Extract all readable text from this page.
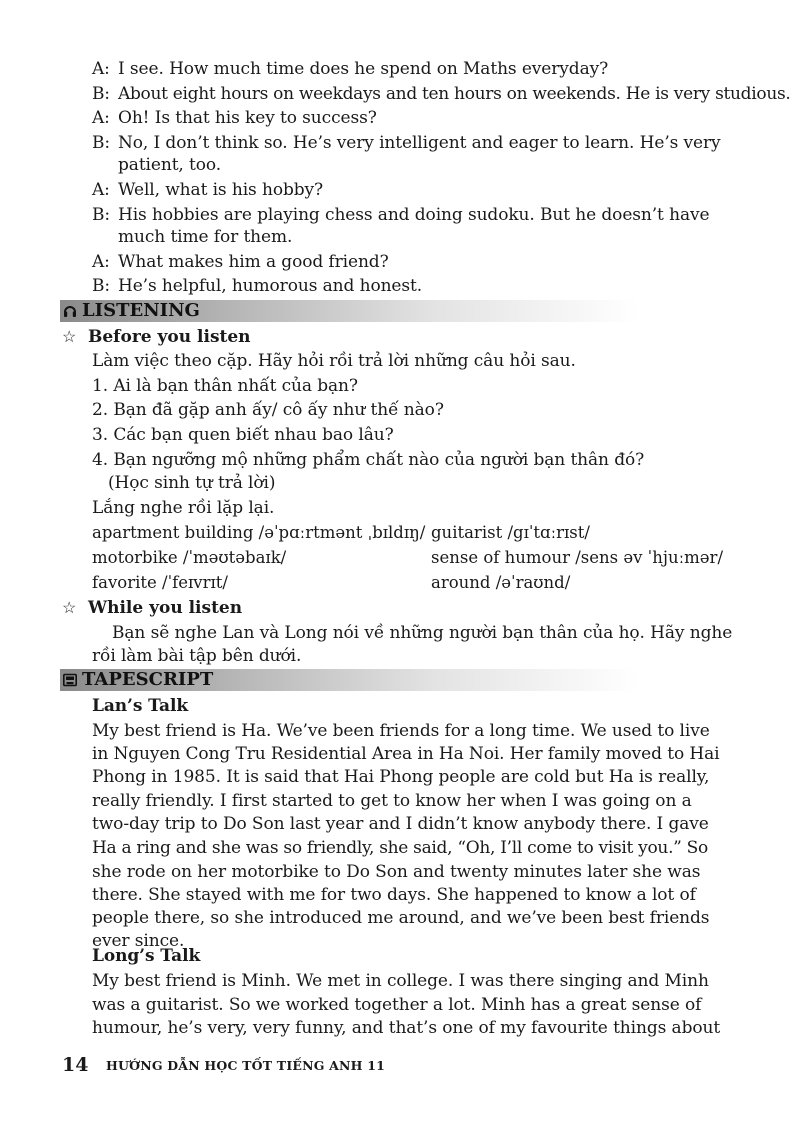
A: I see. How much time does he spend on Maths everyday?
B: About eight hours on weekdays and ten hours on weekends. He is very studious.
A: Oh! Is that his key to success?
B: No, I don’t think so. He’s very intelligent and eager to learn. He’s very
patient, too.
A: Well, what is his hobby?
B: His hobbies are playing chess and doing sudoku. But he doesn’t have
much time for them.
A: What makes him a good friend?
B: He’s helpful, humorous and honest.
LISTENING
☆ Before you listen
Làm việc theo cặp. Hãy hỏi rồi trả lời những câu hỏi sau.
1. Ai là bạn thân nhất của bạn?
2. Bạn đã gặp anh ấy/ cô ấy như thế nào?
3. Các bạn quen biết nhau bao lâu?
4. Bạn ngưỡng mộ những phẩm chất nào của người bạn thân đó?
(Học sinh tự trả lời)
Lắng nghe rồi lặp lại.
apartment building /əˈpɑːrtmənt ˌbɪldɪŋ/ guitarist /gɪˈtɑːrɪst/
motorbike /ˈməʊtəbaɪk/	sense of humour /sens əv ˈhjuːmər/
favorite /ˈfeɪvrɪt/	around /əˈraʊnd/
☆ While you listen
Bạn sẽ nghe Lan và Long nói về những người bạn thân của họ. Hãy nghe
rồi làm bài tập bên dưới.
TAPESCRIPT
Lan’s Talk
My best friend is Ha. We’ve been friends for a long time. We used to live
in Nguyen Cong Tru Residential Area in Ha Noi. Her family moved to Hai
Phong in 1985. It is said that Hai Phong people are cold but Ha is really,
really friendly. I first started to get to know her when I was going on a
two-day trip to Do Son last year and I didn’t know anybody there. I gave
Ha a ring and she was so friendly, she said, “Oh, I’ll come to visit you.” So
she rode on her motorbike to Do Son and twenty minutes later she was
there. She stayed with me for two days. She happened to know a lot of
people there, so she introduced me around, and we’ve been best friends
ever since.
Long’s Talk
My best friend is Minh. We met in college. I was there singing and Minh
was a guitarist. So we worked together a lot. Minh has a great sense of
humour, he’s very, very funny, and that’s one of my favourite things about
14 HƯỚNG DẪN HỌC TỐT TIẾNG ANH 11
